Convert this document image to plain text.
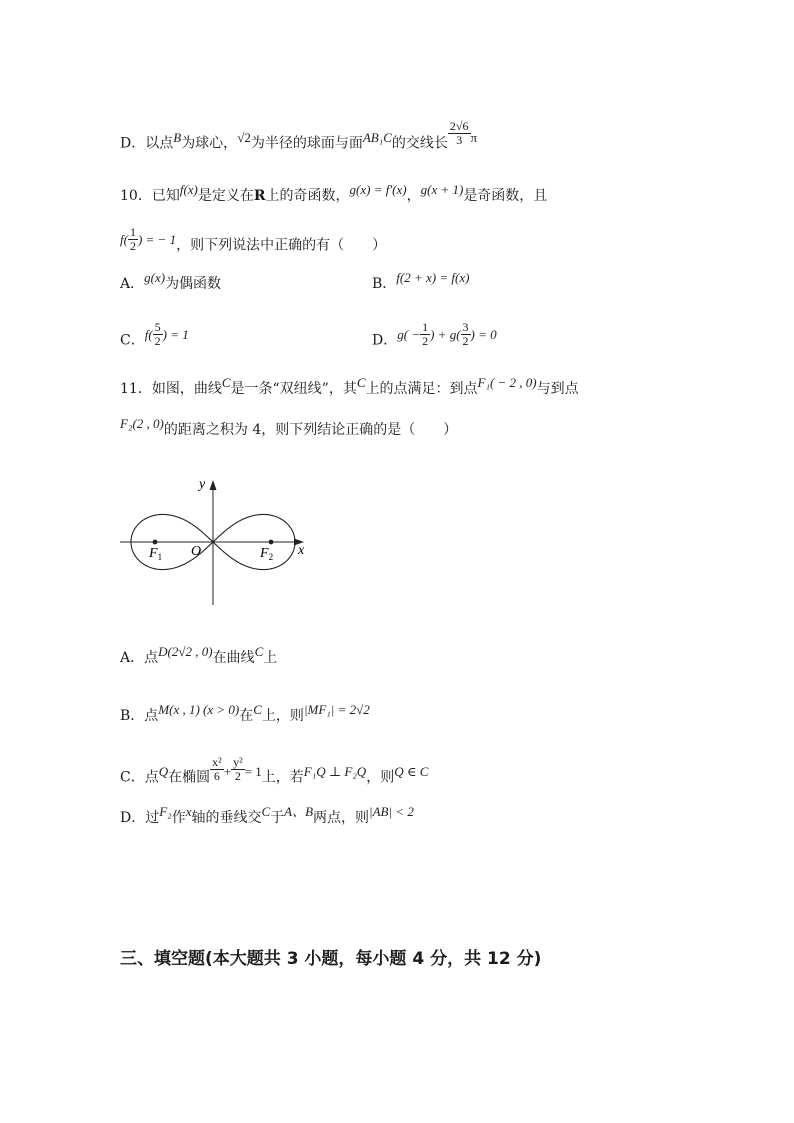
D．以点B为球心，√2为半径的球面与面AB₁C的交线长 $\frac{2√6}{3}$ π
10．已知f(x)是定义在R上的奇函数，g(x) = f′(x)，g(x + 1)是奇函数，且
$f( \frac{1}{2}$ ) = − 1，则下列说法中正确的有（　　）
A．g(x)为偶函数	B．f(2 + x) = f(x)
C．$f( \frac{5}{2}$ ) = 1	D．$g( - \frac{1}{2}$ ) + $g( \frac{3}{2}$ ) = 0
11．如图，曲线C是一条“双纽线”，其C上的点满足：到点F₁( − 2 , 0)与到点
F₂(2 , 0)的距离之积为 4，则下列结论正确的是（　　）
y
x
O
$F_1$	$F_2$
A．点D(2√2 , 0)在曲线C上
B．点M(x , 1) (x > 0)在C上，则|MF₁| = 2√2
C．点Q在椭圆 $\frac{\text{x²}}{6} + \frac{\text{y²}}{2} = 1$上，若F₁Q ⊥ F₂Q，则Q ∈ C
D．过F₂作x轴的垂线交C于A、B两点，则|AB| < 2
三、填空题(本大题共 3 小题，每小题 4 分，共 12 分)
